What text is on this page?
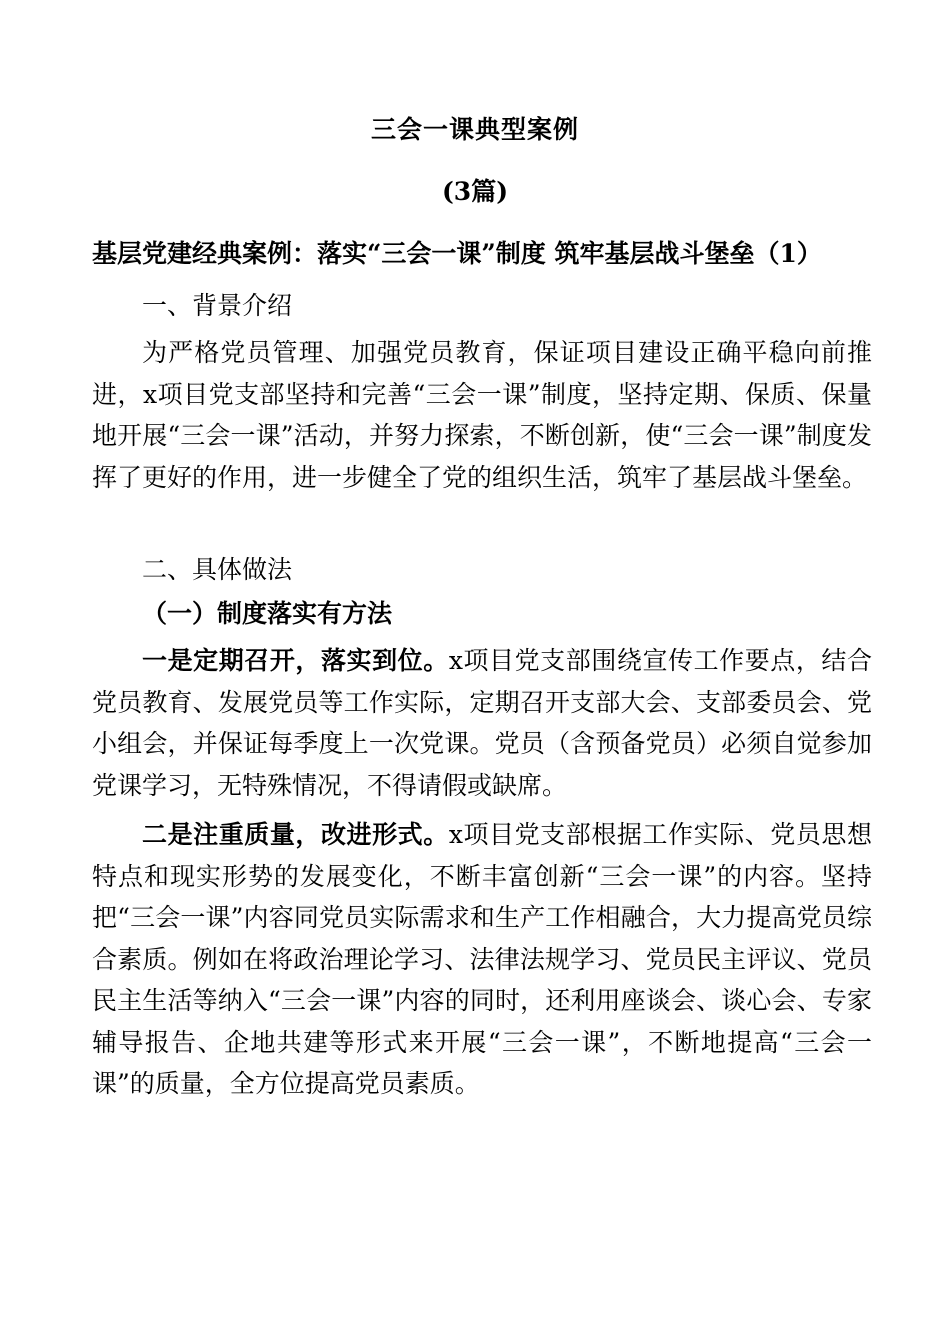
三会一课典型案例
(3篇)
基层党建经典案例：落实“三会一课”制度 筑牢基层战斗堡垒（1）
一、背景介绍

为严格党员管理、加强党员教育，保证项目建设正确平稳向前推进，x项目党支部坚持和完善“三会一课”制度，坚持定期、保质、保量地开展“三会一课”活动，并努力探索，不断创新，使“三会一课”制度发挥了更好的作用，进一步健全了党的组织生活，筑牢了基层战斗堡垒。

二、具体做法
（一）制度落实有方法

一是定期召开，落实到位。x项目党支部围绕宣传工作要点，结合党员教育、发展党员等工作实际，定期召开支部大会、支部委员会、党小组会，并保证每季度上一次党课。党员（含预备党员）必须自觉参加党课学习，无特殊情况，不得请假或缺席。

二是注重质量，改进形式。x项目党支部根据工作实际、党员思想特点和现实形势的发展变化，不断丰富创新“三会一课”的内容。坚持把“三会一课”内容同党员实际需求和生产工作相融合，大力提高党员综合素质。例如在将政治理论学习、法律法规学习、党员民主评议、党员民主生活等纳入“三会一课”内容的同时，还利用座谈会、谈心会、专家辅导报告、企地共建等形式来开展“三会一课”，不断地提高“三会一课”的质量，全方位提高党员素质。
